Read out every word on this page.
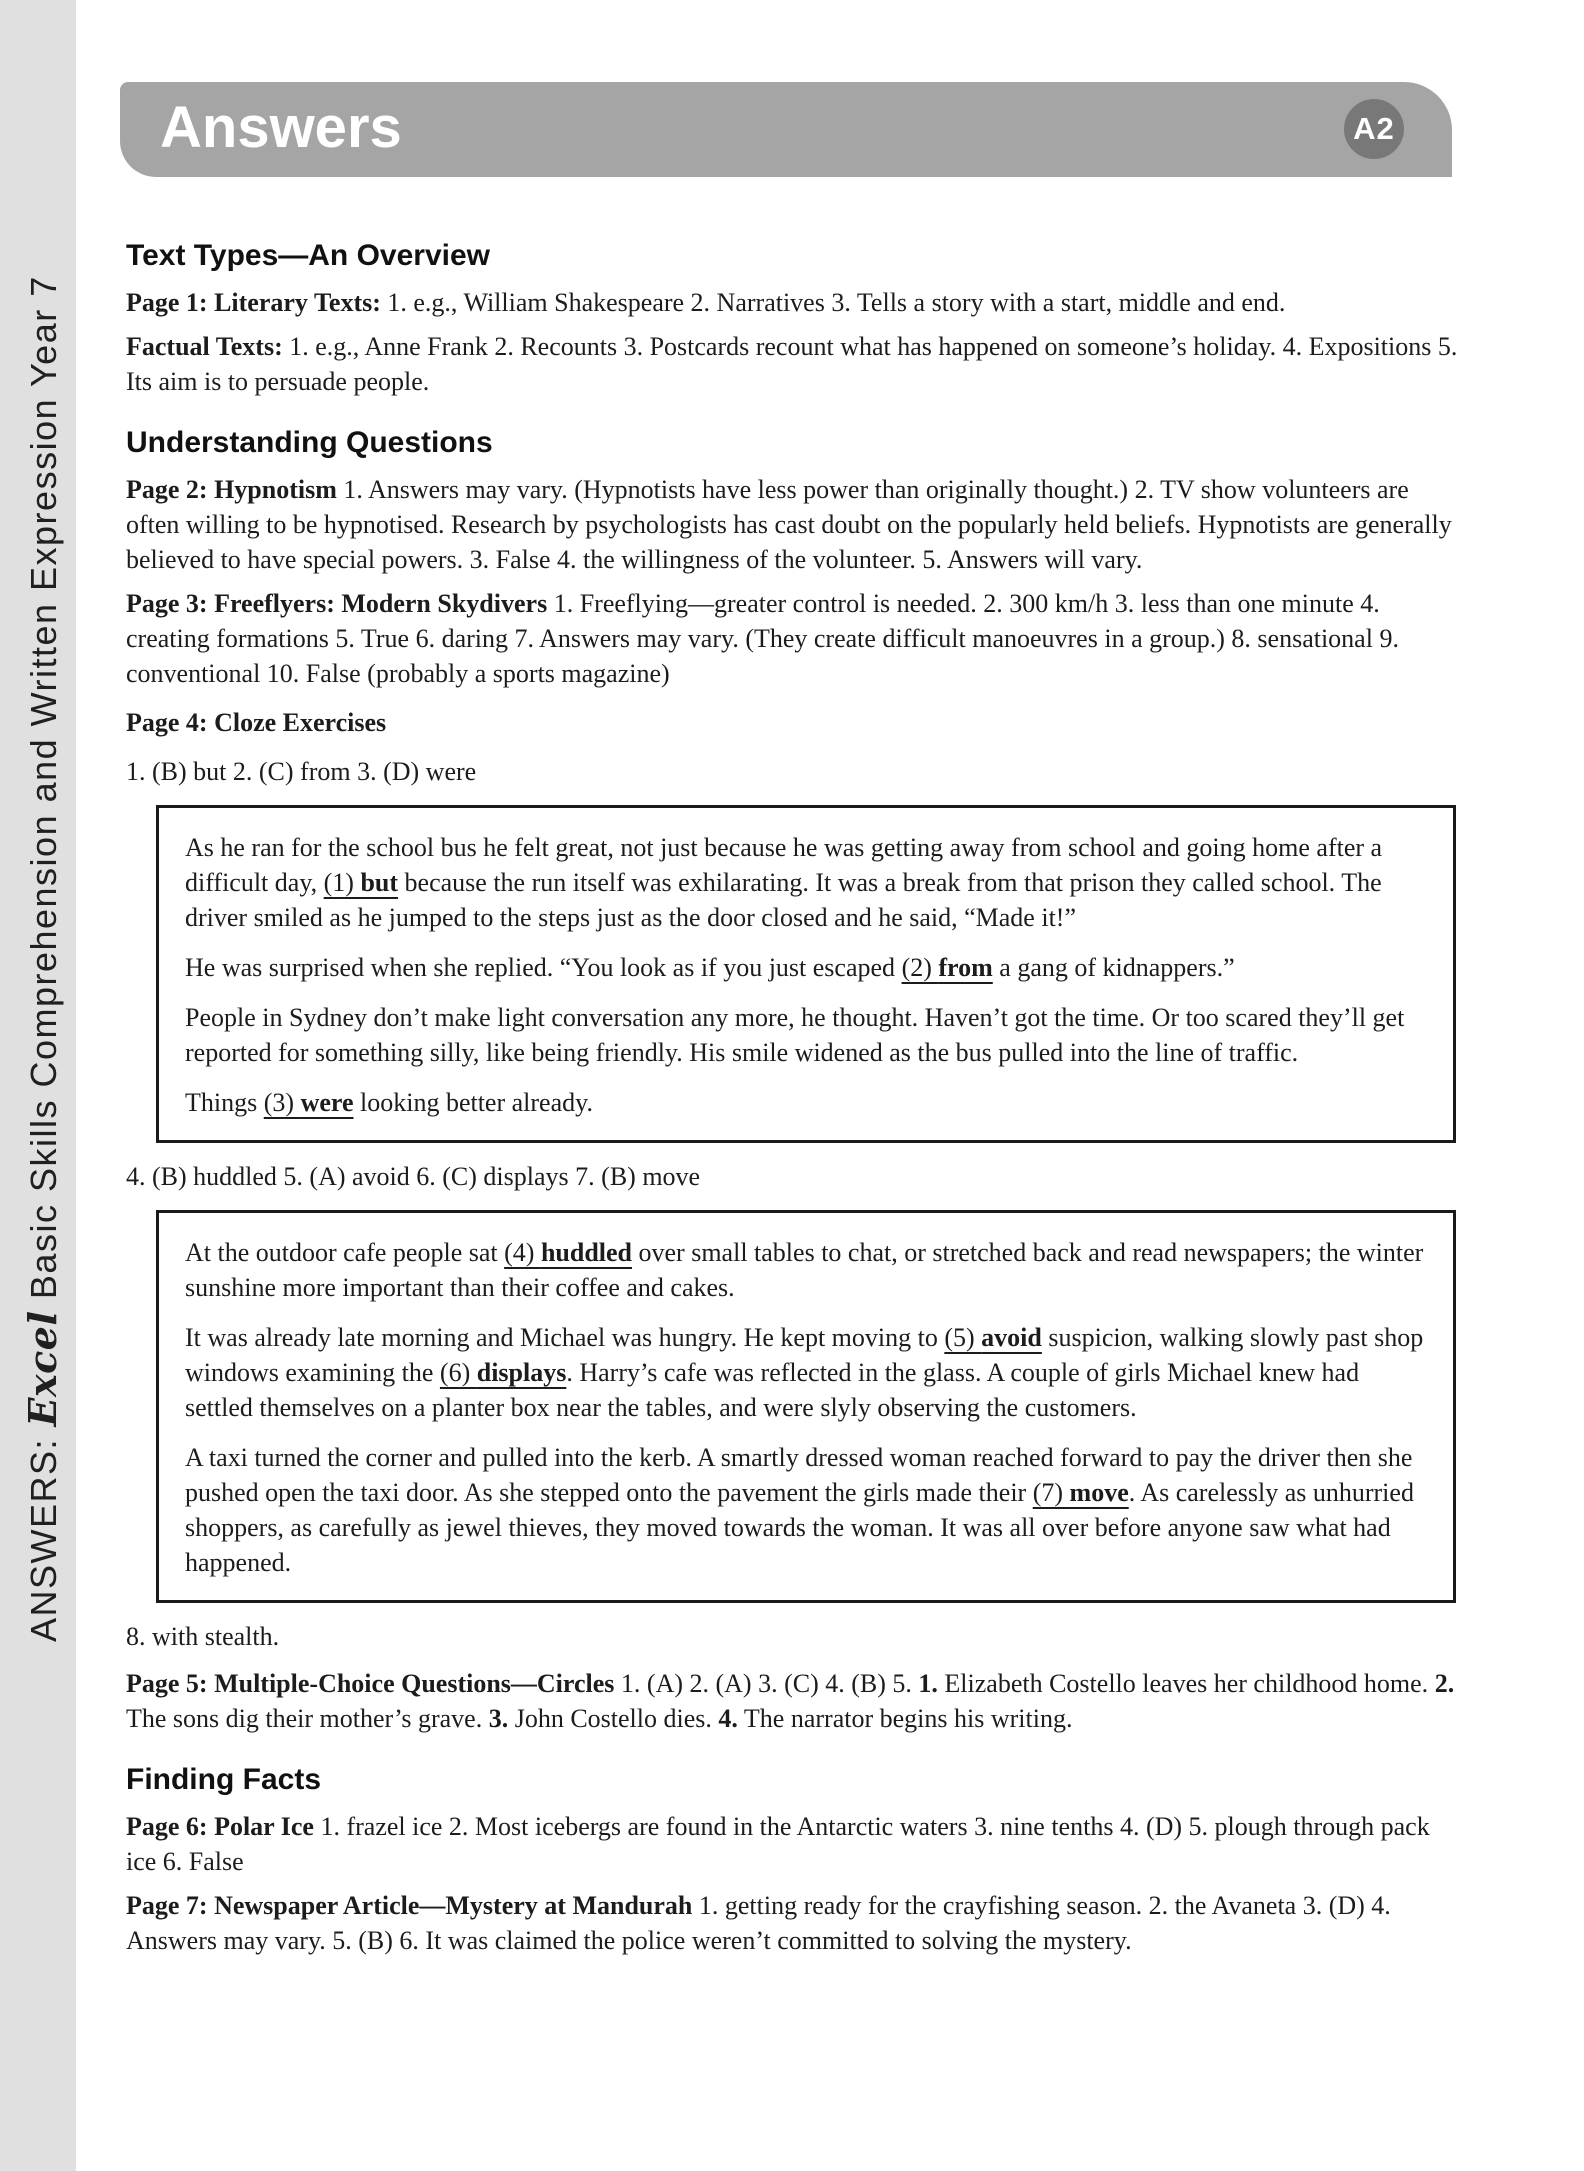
ANSWERS: Excel Basic Skills Comprehension and Written Expression Year 7
Answers	A2
Text Types—An Overview

Page 1: Literary Texts: 1. e.g., William Shakespeare 2. Narratives 3. Tells a story with a start, middle and end.

Factual Texts: 1. e.g., Anne Frank 2. Recounts 3. Postcards recount what has happened on someone’s holiday. 4. Expositions 5. Its aim is to persuade people.

Understanding Questions

Page 2: Hypnotism 1. Answers may vary. (Hypnotists have less power than originally thought.) 2. TV show volunteers are often willing to be hypnotised. Research by psychologists has cast doubt on the popularly held beliefs. Hypnotists are generally believed to have special powers. 3. False 4. the willingness of the volunteer. 5. Answers will vary.

Page 3: Freeflyers: Modern Skydivers 1. Freeflying—greater control is needed. 2. 300 km/h 3. less than one minute 4. creating formations 5. True 6. daring 7. Answers may vary. (They create difficult manoeuvres in a group.) 8. sensational 9. conventional 10. False (probably a sports magazine)

Page 4: Cloze Exercises

1. (B) but 2. (C) from 3. (D) were

As he ran for the school bus he felt great, not just because he was getting away from school and going home after a difficult day, (1) but because the run itself was exhilarating. It was a break from that prison they called school. The driver smiled as he jumped to the steps just as the door closed and he said, “Made it!”

He was surprised when she replied. “You look as if you just escaped (2) from a gang of kidnappers.”

People in Sydney don’t make light conversation any more, he thought. Haven’t got the time. Or too scared they’ll get reported for something silly, like being friendly. His smile widened as the bus pulled into the line of traffic.

Things (3) were looking better already.

4. (B) huddled 5. (A) avoid 6. (C) displays 7. (B) move

At the outdoor cafe people sat (4) huddled over small tables to chat, or stretched back and read newspapers; the winter sunshine more important than their coffee and cakes.

It was already late morning and Michael was hungry. He kept moving to (5) avoid suspicion, walking slowly past shop windows examining the (6) displays. Harry’s cafe was reflected in the glass. A couple of girls Michael knew had settled themselves on a planter box near the tables, and were slyly observing the customers.

A taxi turned the corner and pulled into the kerb. A smartly dressed woman reached forward to pay the driver then she pushed open the taxi door. As she stepped onto the pavement the girls made their (7) move. As carelessly as unhurried shoppers, as carefully as jewel thieves, they moved towards the woman. It was all over before anyone saw what had happened.

8. with stealth.

Page 5: Multiple-Choice Questions—Circles 1. (A) 2. (A) 3. (C) 4. (B) 5. 1. Elizabeth Costello leaves her childhood home. 2. The sons dig their mother’s grave. 3. John Costello dies. 4. The narrator begins his writing.

Finding Facts

Page 6: Polar Ice 1. frazel ice 2. Most icebergs are found in the Antarctic waters 3. nine tenths 4. (D) 5. plough through pack ice 6. False

Page 7: Newspaper Article—Mystery at Mandurah 1. getting ready for the crayfishing season. 2. the Avaneta 3. (D) 4. Answers may vary. 5. (B) 6. It was claimed the police weren’t committed to solving the mystery.
